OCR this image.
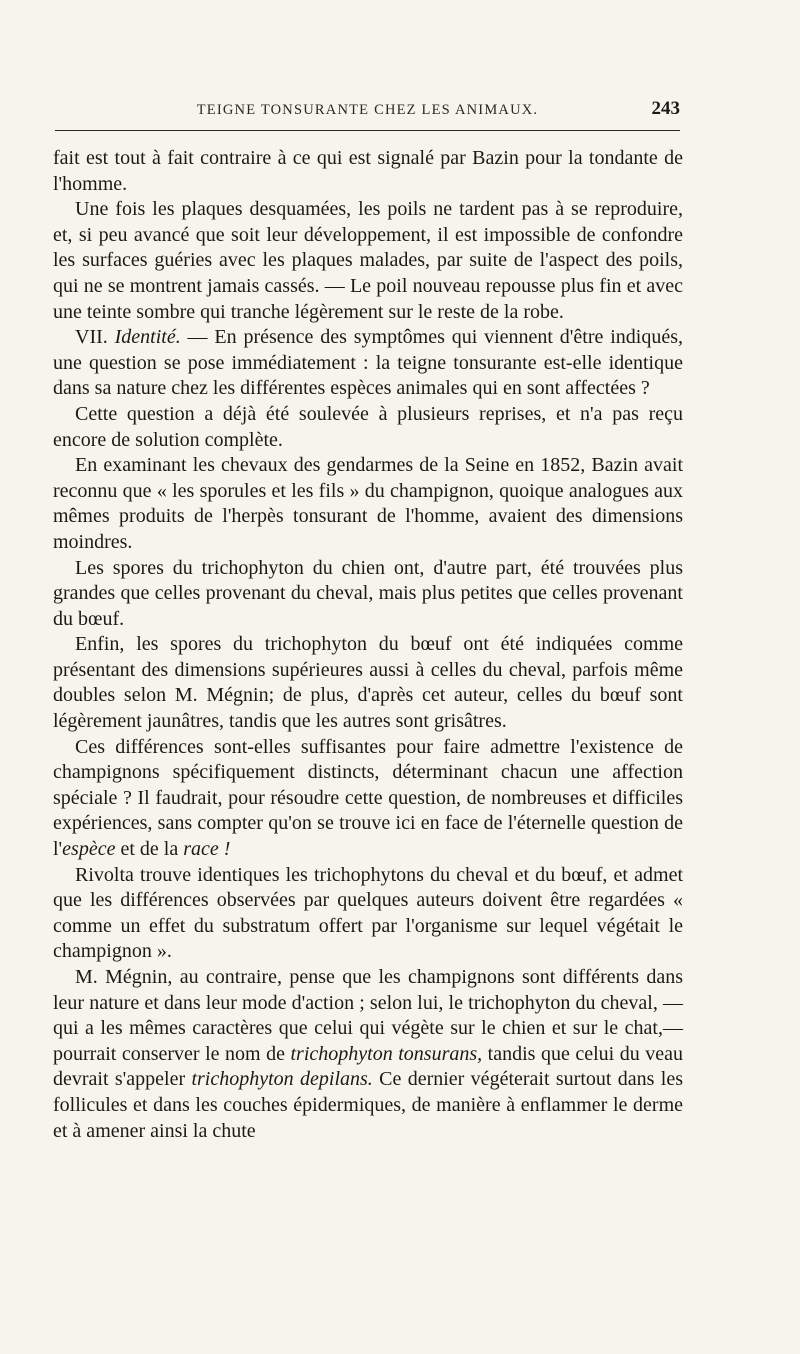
TEIGNE TONSURANTE CHEZ LES ANIMAUX.	243

fait est tout à fait contraire à ce qui est signalé par Bazin pour la tondante de l'homme.

Une fois les plaques desquamées, les poils ne tardent pas à se reproduire, et, si peu avancé que soit leur développement, il est impossible de confondre les surfaces guéries avec les plaques malades, par suite de l'aspect des poils, qui ne se montrent jamais cassés. — Le poil nouveau repousse plus fin et avec une teinte sombre qui tranche légèrement sur le reste de la robe.

VII. Identité. — En présence des symptômes qui viennent d'être indiqués, une question se pose immédiatement : la teigne tonsurante est-elle identique dans sa nature chez les différentes espèces animales qui en sont affectées ?

Cette question a déjà été soulevée à plusieurs reprises, et n'a pas reçu encore de solution complète.

En examinant les chevaux des gendarmes de la Seine en 1852, Bazin avait reconnu que « les sporules et les fils » du champignon, quoique analogues aux mêmes produits de l'herpès tonsurant de l'homme, avaient des dimensions moindres.

Les spores du trichophyton du chien ont, d'autre part, été trouvées plus grandes que celles provenant du cheval, mais plus petites que celles provenant du bœuf.

Enfin, les spores du trichophyton du bœuf ont été indiquées comme présentant des dimensions supérieures aussi à celles du cheval, parfois même doubles selon M. Mégnin; de plus, d'après cet auteur, celles du bœuf sont légèrement jaunâtres, tandis que les autres sont grisâtres.

Ces différences sont-elles suffisantes pour faire admettre l'existence de champignons spécifiquement distincts, déterminant chacun une affection spéciale ? Il faudrait, pour résoudre cette question, de nombreuses et difficiles expériences, sans compter qu'on se trouve ici en face de l'éternelle question de l'espèce et de la race !

Rivolta trouve identiques les trichophytons du cheval et du bœuf, et admet que les différences observées par quelques auteurs doivent être regardées « comme un effet du substratum offert par l'organisme sur lequel végétait le champignon ».

M. Mégnin, au contraire, pense que les champignons sont différents dans leur nature et dans leur mode d'action ; selon lui, le trichophyton du cheval, — qui a les mêmes caractères que celui qui végète sur le chien et sur le chat,—pourrait conserver le nom de trichophyton tonsurans, tandis que celui du veau devrait s'appeler trichophyton depilans. Ce dernier végéterait surtout dans les follicules et dans les couches épidermiques, de manière à enflammer le derme et à amener ainsi la chute
